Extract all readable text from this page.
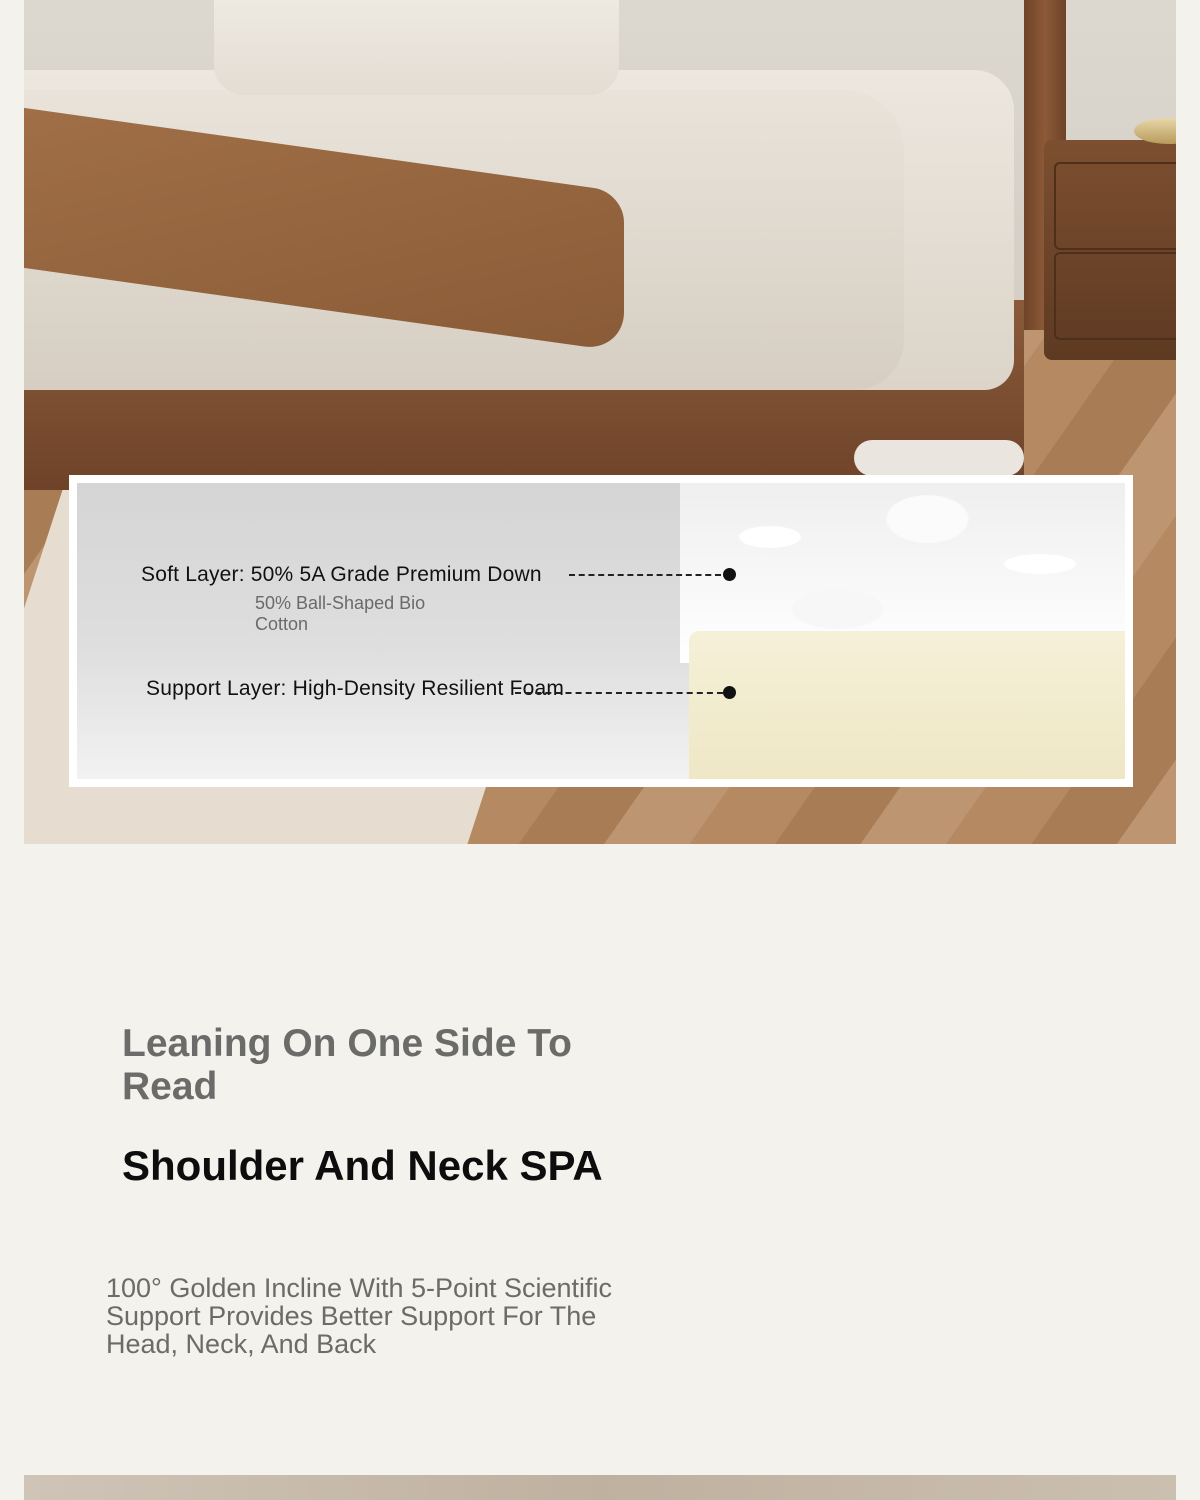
Soft Layer: 50% 5A Grade Premium Down
50% Ball-Shaped Bio Cotton
Support Layer: High-Density Resilient Foam
Leaning On One Side To Read
Shoulder And Neck SPA
100° Golden Incline With 5-Point Scientific Support Provides Better Support For The Head, Neck, And Back
